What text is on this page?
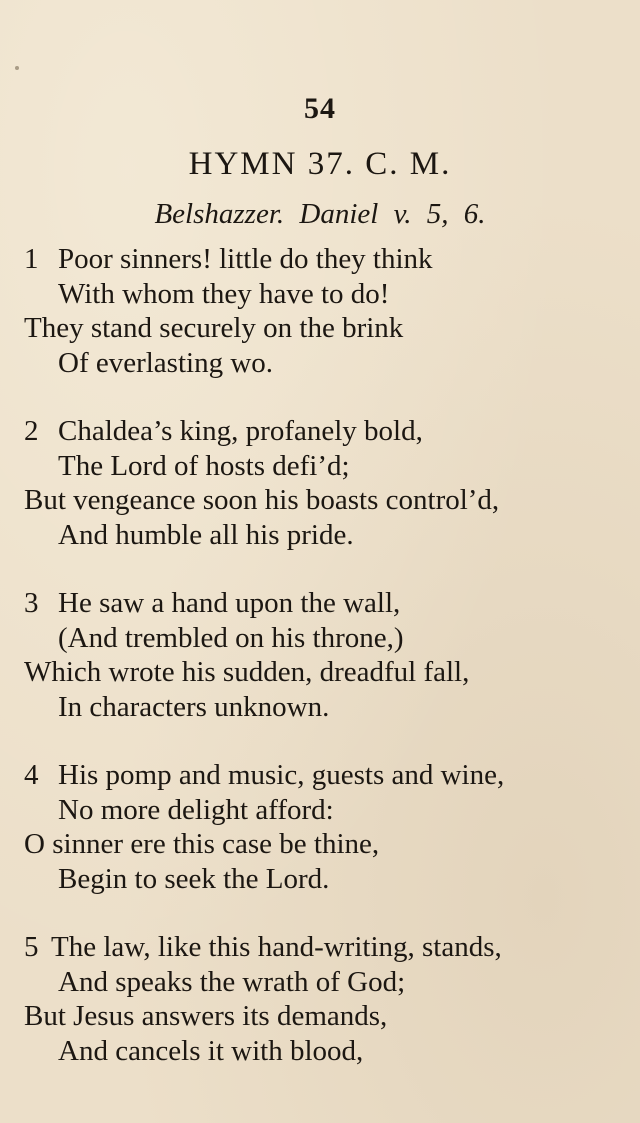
54
HYMN 37. C. M.
Belshazzer. Daniel v. 5, 6.
1 Poor sinners! little do they think
With whom they have to do!
They stand securely on the brink
Of everlasting wo.
2 Chaldea’s king, profanely bold,
The Lord of hosts defi’d;
But vengeance soon his boasts control’d,
And humble all his pride.
3 He saw a hand upon the wall,
(And trembled on his throne,)
Which wrote his sudden, dreadful fall,
In characters unknown.
4 His pomp and music, guests and wine,
No more delight afford:
O sinner ere this case be thine,
Begin to seek the Lord.
5 The law, like this hand-writing, stands,
And speaks the wrath of God;
But Jesus answers its demands,
And cancels it with blood,
